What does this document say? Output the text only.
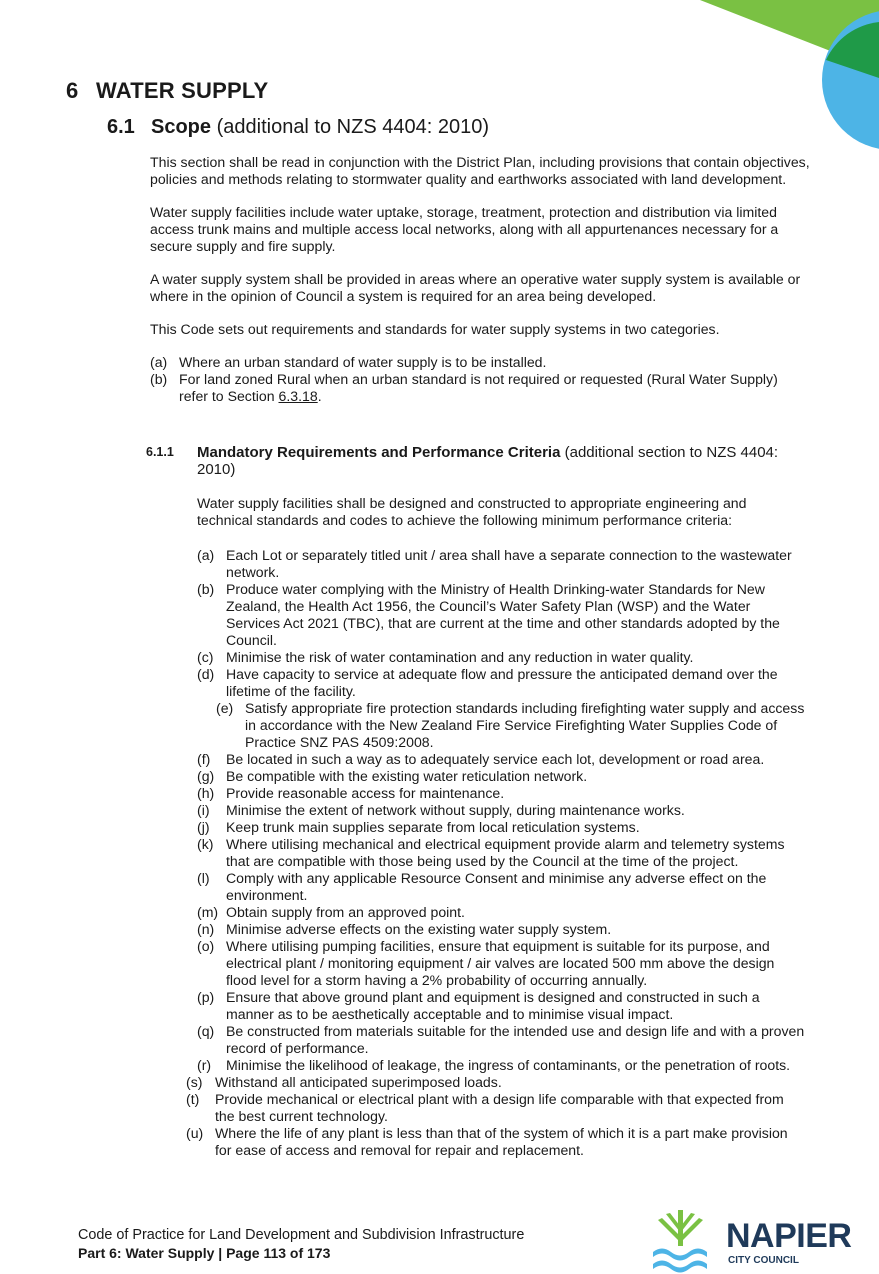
6 WATER SUPPLY
6.1 Scope (additional to NZS 4404: 2010)

This section shall be read in conjunction with the District Plan, including provisions that contain objectives, policies and methods relating to stormwater quality and earthworks associated with land development.

Water supply facilities include water uptake, storage, treatment, protection and distribution via limited access trunk mains and multiple access local networks, along with all appurtenances necessary for a secure supply and fire supply.

A water supply system shall be provided in areas where an operative water supply system is available or where in the opinion of Council a system is required for an area being developed.

This Code sets out requirements and standards for water supply systems in two categories.

(a) Where an urban standard of water supply is to be installed.
(b) For land zoned Rural when an urban standard is not required or requested (Rural Water Supply) refer to Section 6.3.18.
6.1.1	Mandatory Requirements and Performance Criteria (additional section to NZS 4404: 2010)

Water supply facilities shall be designed and constructed to appropriate engineering and technical standards and codes to achieve the following minimum performance criteria:

(a) Each Lot or separately titled unit / area shall have a separate connection to the wastewater network.
(b) Produce water complying with the Ministry of Health Drinking-water Standards for New Zealand, the Health Act 1956, the Council’s Water Safety Plan (WSP) and the Water Services Act 2021 (TBC), that are current at the time and other standards adopted by the Council.
(c) Minimise the risk of water contamination and any reduction in water quality.
(d) Have capacity to service at adequate flow and pressure the anticipated demand over the lifetime of the facility.
(e) Satisfy appropriate fire protection standards including firefighting water supply and access in accordance with the New Zealand Fire Service Firefighting Water Supplies Code of Practice SNZ PAS 4509:2008.
(f)	Be located in such a way as to adequately service each lot, development or road area.
(g) Be compatible with the existing water reticulation network.
(h) Provide reasonable access for maintenance.
(i)	Minimise the extent of network without supply, during maintenance works.
(j)	Keep trunk main supplies separate from local reticulation systems.
(k) Where utilising mechanical and electrical equipment provide alarm and telemetry systems that are compatible with those being used by the Council at the time of the project.
(l)	Comply with any applicable Resource Consent and minimise any adverse effect on the environment.
(m) Obtain supply from an approved point.
(n) Minimise adverse effects on the existing water supply system.
(o) Where utilising pumping facilities, ensure that equipment is suitable for its purpose, and electrical plant / monitoring equipment / air valves are located 500 mm above the design flood level for a storm having a 2% probability of occurring annually.
(p) Ensure that above ground plant and equipment is designed and constructed in such a manner as to be aesthetically acceptable and to minimise visual impact.
(q) Be constructed from materials suitable for the intended use and design life and with a proven record of performance.
(r)	Minimise the likelihood of leakage, the ingress of contaminants, or the penetration of roots.
(s) Withstand all anticipated superimposed loads.
(t)	Provide mechanical or electrical plant with a design life comparable with that expected from the best current technology.
(u) Where the life of any plant is less than that of the system of which it is a part make provision for ease of access and removal for repair and replacement.
Code of Practice for Land Development and Subdivision Infrastructure
Part 6: Water Supply | Page 113 of 173	NAPIER
CITY COUNCIL
